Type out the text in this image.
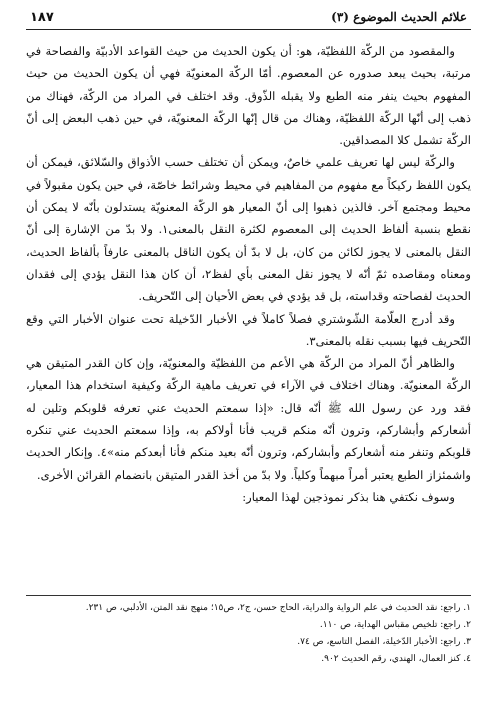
علائم الحديث الموضوع (٣)
١٨٧

والمقصود من الركّة اللفظيّة، هو: أن يكون الحديث من حيث القواعد الأدبيّة والفصاحة في مرتبة، بحيث يبعد صدوره عن المعصوم. أمّا الركّة المعنويّة فهي أن يكون الحديث من حيث المفهوم بحيث ينفر منه الطبع ولا يقبله الذّوق. وقد اختلف في المراد من الركّة، فهناك من ذهب إلى أنّها الركّة اللفظيّة، وهناك من قال إنّها الركّة المعنويّة، في حين ذهب البعض إلى أنّ الركّة تشمل كلا المصداقين.

والركّة ليس لها تعريف علمي خاصٌ، ويمكن أن تختلف حسب الأذواق والسّلائق، فيمكن أن يكون اللفظ ركيكاً مع مفهوم من المفاهيم في محيط وشرائط خاصّة، في حين يكون مقبولاً في محيط ومجتمع آخر. فالذين ذهبوا إلى أنّ المعيار هو الركّة المعنويّة يستدلون بأنّه لا يمكن أن نقطع بنسبة ألفاظ الحديث إلى المعصوم لكثرة النقل بالمعنى١. ولا بدّ من الإشارة إلى أنّ النقل بالمعنى لا يجوز لكائن من كان، بل لا بدّ أن يكون الناقل بالمعنى عارفاً بألفاظ الحديث، ومعناه ومقاصده ثمّ أنّه لا يجوز نقل المعنى بأي لفظ٢، أن كان هذا النقل يؤدي إلى فقدان الحديث لفصاحته وقداسته، بل قد يؤدي في بعض الأحيان إلى التّحريف.

وقد أدرج العلّامة الشّوشتري فصلاً كاملاً في الأخبار الدّخيلة تحت عنوان الأخبار التي وقع التّحريف فيها بسبب نقله بالمعنى٣.

والظاهر أنّ المراد من الركّة هي الأعم من اللفظيّة والمعنويّة، وإن كان القدر المتيقن هي الركّة المعنويّة. وهناك اختلاف في الآراء في تعريف ماهية الركّة وكيفية استخدام هذا المعيار، فقد ورد عن رسول الله ﷺ أنّه قال: «إذا سمعتم الحديث عني تعرفه قلوبكم وتلين له أشعاركم وأبشاركم، وترون أنّه منكم قريب فأنا أولاكم به، وإذا سمعتم الحديث عني تنكره قلوبكم وتنفر منه أشعاركم وأبشاركم، وترون أنّه بعيد منكم فأنا أبعدكم منه»٤. وإنكار الحديث واشمئزاز الطبع يعتبر أمراً مبهماً وكلياً. ولا بدّ من أخذ القدر المتيقن بانضمام القرائن الأخرى.

وسوف نكتفي هنا بذكر نموذجين لهذا المعيار:

١. راجع: نقد الحديث في علم الرواية والدراية، الحاج حسن، ج٢، ص١٥؛ منهج نقد المتن، الأدلبي، ص ٢٣١.
٢. راجع: تلخيص مقباس الهداية، ص ١١٠.
٣. راجع: الأخبار الدّخيلة، الفصل التاسع، ص ٧٤.
٤. كنز العمال، الهندي، رقم الحديث ٩٠٢.
